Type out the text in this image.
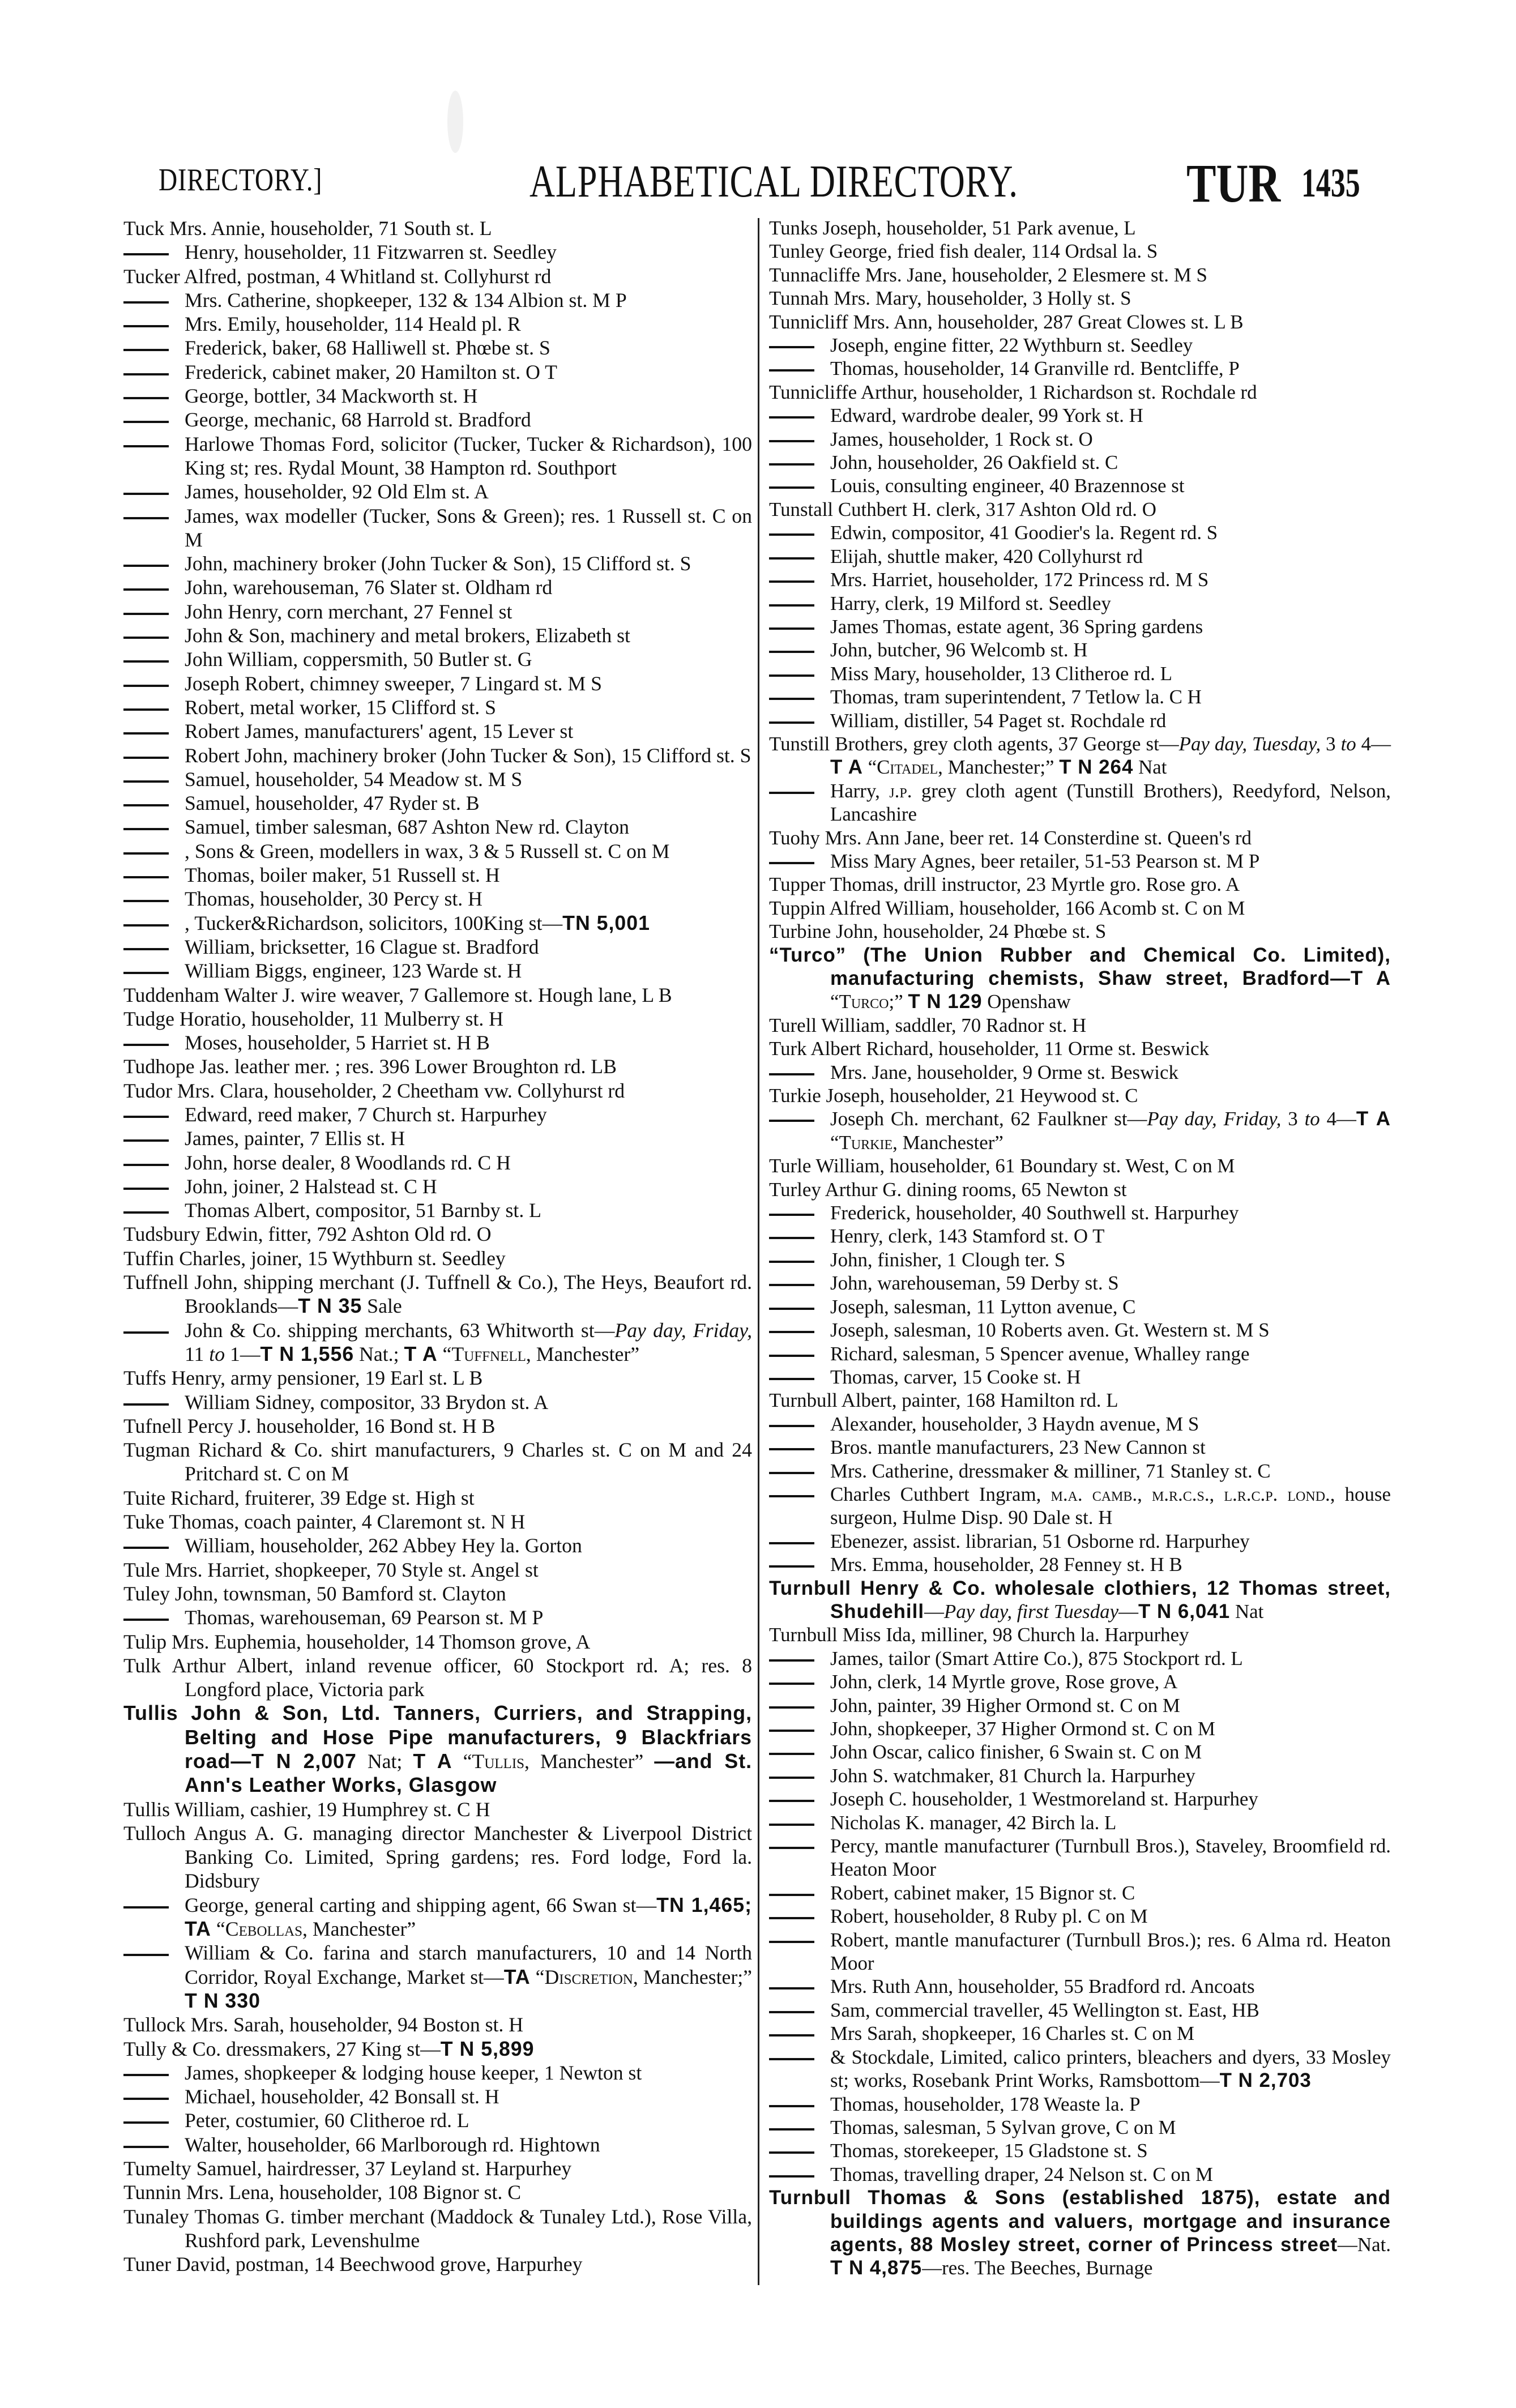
DIRECTORY.]	ALPHABETICAL DIRECTORY.	TUR 1435
Tuck Mrs. Annie, householder, 71 South st. L
Henry, householder, 11 Fitzwarren st. Seedley
Tucker Alfred, postman, 4 Whitland st. Collyhurst rd
Mrs. Catherine, shopkeeper, 132 & 134 Albion st. M P
Mrs. Emily, householder, 114 Heald pl. R
Frederick, baker, 68 Halliwell st. Phœbe st. S
Frederick, cabinet maker, 20 Hamilton st. O T
George, bottler, 34 Mackworth st. H
George, mechanic, 68 Harrold st. Bradford
Harlowe Thomas Ford, solicitor (Tucker, Tucker & Richardson), 100 King st; res. Rydal Mount, 38 Hampton rd. Southport
James, householder, 92 Old Elm st. A
James, wax modeller (Tucker, Sons & Green); res. 1 Russell st. C on M
John, machinery broker (John Tucker & Son), 15 Clifford st. S
John, warehouseman, 76 Slater st. Oldham rd
John Henry, corn merchant, 27 Fennel st
John & Son, machinery and metal brokers, Elizabeth st
John William, coppersmith, 50 Butler st. G
Joseph Robert, chimney sweeper, 7 Lingard st. M S
Robert, metal worker, 15 Clifford st. S
Robert James, manufacturers' agent, 15 Lever st
Robert John, machinery broker (John Tucker & Son), 15 Clifford st. S
Samuel, householder, 54 Meadow st. M S
Samuel, householder, 47 Ryder st. B
Samuel, timber salesman, 687 Ashton New rd. Clayton
, Sons & Green, modellers in wax, 3 & 5 Russell st. C on M
Thomas, boiler maker, 51 Russell st. H
Thomas, householder, 30 Percy st. H
, Tucker&Richardson, solicitors, 100King st—TN 5,001
William, bricksetter, 16 Clague st. Bradford
William Biggs, engineer, 123 Warde st. H
Tuddenham Walter J. wire weaver, 7 Gallemore st. Hough lane, L B
Tudge Horatio, householder, 11 Mulberry st. H
Moses, householder, 5 Harriet st. H B
Tudhope Jas. leather mer. ; res. 396 Lower Broughton rd. LB
Tudor Mrs. Clara, householder, 2 Cheetham vw. Collyhurst rd
Edward, reed maker, 7 Church st. Harpurhey
James, painter, 7 Ellis st. H
John, horse dealer, 8 Woodlands rd. C H
John, joiner, 2 Halstead st. C H
Thomas Albert, compositor, 51 Barnby st. L
Tudsbury Edwin, fitter, 792 Ashton Old rd. O
Tuffin Charles, joiner, 15 Wythburn st. Seedley
Tuffnell John, shipping merchant (J. Tuffnell & Co.), The Heys, Beaufort rd. Brooklands—T N 35 Sale
John & Co. shipping merchants, 63 Whitworth st—Pay day, Friday, 11 to 1—T N 1,556 Nat.; T A “Tuffnell, Manchester”
Tuffs Henry, army pensioner, 19 Earl st. L B
William Sidney, compositor, 33 Brydon st. A
Tufnell Percy J. householder, 16 Bond st. H B
Tugman Richard & Co. shirt manufacturers, 9 Charles st. C on M and 24 Pritchard st. C on M
Tuite Richard, fruiterer, 39 Edge st. High st
Tuke Thomas, coach painter, 4 Claremont st. N H
William, householder, 262 Abbey Hey la. Gorton
Tule Mrs. Harriet, shopkeeper, 70 Style st. Angel st
Tuley John, townsman, 50 Bamford st. Clayton
Thomas, warehouseman, 69 Pearson st. M P
Tulip Mrs. Euphemia, householder, 14 Thomson grove, A
Tulk Arthur Albert, inland revenue officer, 60 Stockport rd. A; res. 8 Longford place, Victoria park
Tullis John & Son, Ltd. Tanners, Curriers, and Strapping, Belting and Hose Pipe manufacturers, 9 Blackfriars road—T N 2,007 Nat; T A “Tullis, Manchester” —and St. Ann's Leather Works, Glasgow
Tullis William, cashier, 19 Humphrey st. C H
Tulloch Angus A. G. managing director Manchester & Liverpool District Banking Co. Limited, Spring gardens; res. Ford lodge, Ford la. Didsbury
George, general carting and shipping agent, 66 Swan st—TN 1,465; TA “Cebollas, Manchester”
William & Co. farina and starch manufacturers, 10 and 14 North Corridor, Royal Exchange, Market st—TA “Discretion, Manchester;” T N 330
Tullock Mrs. Sarah, householder, 94 Boston st. H
Tully & Co. dressmakers, 27 King st—T N 5,899
James, shopkeeper & lodging house keeper, 1 Newton st
Michael, householder, 42 Bonsall st. H
Peter, costumier, 60 Clitheroe rd. L
Walter, householder, 66 Marlborough rd. Hightown
Tumelty Samuel, hairdresser, 37 Leyland st. Harpurhey
Tunnin Mrs. Lena, householder, 108 Bignor st. C
Tunaley Thomas G. timber merchant (Maddock & Tunaley Ltd.), Rose Villa, Rushford park, Levenshulme
Tuner David, postman, 14 Beechwood grove, Harpurhey
Tunks Joseph, householder, 51 Park avenue, L
Tunley George, fried fish dealer, 114 Ordsal la. S
Tunnacliffe Mrs. Jane, householder, 2 Elesmere st. M S
Tunnah Mrs. Mary, householder, 3 Holly st. S
Tunnicliff Mrs. Ann, householder, 287 Great Clowes st. L B
Joseph, engine fitter, 22 Wythburn st. Seedley
Thomas, householder, 14 Granville rd. Bentcliffe, P
Tunnicliffe Arthur, householder, 1 Richardson st. Rochdale rd
Edward, wardrobe dealer, 99 York st. H
James, householder, 1 Rock st. O
John, householder, 26 Oakfield st. C
Louis, consulting engineer, 40 Brazennose st
Tunstall Cuthbert H. clerk, 317 Ashton Old rd. O
Edwin, compositor, 41 Goodier's la. Regent rd. S
Elijah, shuttle maker, 420 Collyhurst rd
Mrs. Harriet, householder, 172 Princess rd. M S
Harry, clerk, 19 Milford st. Seedley
James Thomas, estate agent, 36 Spring gardens
John, butcher, 96 Welcomb st. H
Miss Mary, householder, 13 Clitheroe rd. L
Thomas, tram superintendent, 7 Tetlow la. C H
William, distiller, 54 Paget st. Rochdale rd
Tunstill Brothers, grey cloth agents, 37 George st—Pay day, Tuesday, 3 to 4—T A “Citadel, Manchester;” T N 264 Nat
Harry, j.p. grey cloth agent (Tunstill Brothers), Reedyford, Nelson, Lancashire
Tuohy Mrs. Ann Jane, beer ret. 14 Consterdine st. Queen's rd
Miss Mary Agnes, beer retailer, 51-53 Pearson st. M P
Tupper Thomas, drill instructor, 23 Myrtle gro. Rose gro. A
Tuppin Alfred William, householder, 166 Acomb st. C on M
Turbine John, householder, 24 Phœbe st. S
“Turco” (The Union Rubber and Chemical Co. Limited), manufacturing chemists, Shaw street, Bradford—T A “Turco;” T N 129 Openshaw
Turell William, saddler, 70 Radnor st. H
Turk Albert Richard, householder, 11 Orme st. Beswick
Mrs. Jane, householder, 9 Orme st. Beswick
Turkie Joseph, householder, 21 Heywood st. C
Joseph Ch. merchant, 62 Faulkner st—Pay day, Friday, 3 to 4—T A “Turkie, Manchester”
Turle William, householder, 61 Boundary st. West, C on M
Turley Arthur G. dining rooms, 65 Newton st
Frederick, householder, 40 Southwell st. Harpurhey
Henry, clerk, 143 Stamford st. O T
John, finisher, 1 Clough ter. S
John, warehouseman, 59 Derby st. S
Joseph, salesman, 11 Lytton avenue, C
Joseph, salesman, 10 Roberts aven. Gt. Western st. M S
Richard, salesman, 5 Spencer avenue, Whalley range
Thomas, carver, 15 Cooke st. H
Turnbull Albert, painter, 168 Hamilton rd. L
Alexander, householder, 3 Haydn avenue, M S
Bros. mantle manufacturers, 23 New Cannon st
Mrs. Catherine, dressmaker & milliner, 71 Stanley st. C
Charles Cuthbert Ingram, m.a. camb., m.r.c.s., l.r.c.p. lond., house surgeon, Hulme Disp. 90 Dale st. H
Ebenezer, assist. librarian, 51 Osborne rd. Harpurhey
Mrs. Emma, householder, 28 Fenney st. H B
Turnbull Henry & Co. wholesale clothiers, 12 Thomas street, Shudehill—Pay day, first Tuesday—T N 6,041 Nat
Turnbull Miss Ida, milliner, 98 Church la. Harpurhey
James, tailor (Smart Attire Co.), 875 Stockport rd. L
John, clerk, 14 Myrtle grove, Rose grove, A
John, painter, 39 Higher Ormond st. C on M
John, shopkeeper, 37 Higher Ormond st. C on M
John Oscar, calico finisher, 6 Swain st. C on M
John S. watchmaker, 81 Church la. Harpurhey
Joseph C. householder, 1 Westmoreland st. Harpurhey
Nicholas K. manager, 42 Birch la. L
Percy, mantle manufacturer (Turnbull Bros.), Staveley, Broomfield rd. Heaton Moor
Robert, cabinet maker, 15 Bignor st. C
Robert, householder, 8 Ruby pl. C on M
Robert, mantle manufacturer (Turnbull Bros.); res. 6 Alma rd. Heaton Moor
Mrs. Ruth Ann, householder, 55 Bradford rd. Ancoats
Sam, commercial traveller, 45 Wellington st. East, HB
Mrs Sarah, shopkeeper, 16 Charles st. C on M
& Stockdale, Limited, calico printers, bleachers and dyers, 33 Mosley st; works, Rosebank Print Works, Ramsbottom—T N 2,703
Thomas, householder, 178 Weaste la. P
Thomas, salesman, 5 Sylvan grove, C on M
Thomas, storekeeper, 15 Gladstone st. S
Thomas, travelling draper, 24 Nelson st. C on M
Turnbull Thomas & Sons (established 1875), estate and buildings agents and valuers, mortgage and insurance agents, 88 Mosley street, corner of Princess street—Nat. T N 4,875—res. The Beeches, Burnage
